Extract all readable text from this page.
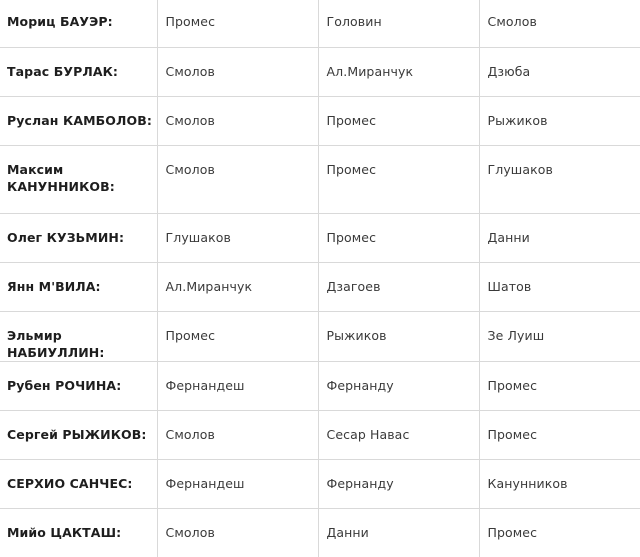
Мориц БАУЭР:	Промес	Головин	Смолов
Тарас БУРЛАК:	Смолов	Ал.Миранчук	Дзюба
Руслан КАМБОЛОВ:	Смолов	Промес	Рыжиков
Максим КАНУННИКОВ:	Смолов	Промес	Глушаков
Олег КУЗЬМИН:	Глушаков	Промес	Данни
Янн М'ВИЛА:	Ал.Миранчук	Дзагоев	Шатов
Эльмир НАБИУЛЛИН:	Промес	Рыжиков	Зе Луиш
Рубен РОЧИНА:	Фернандеш	Фернанду	Промес
Сергей РЫЖИКОВ:	Смолов	Сесар Навас	Промес
СЕРХИО САНЧЕС:	Фернандеш	Фернанду	Канунников
Мийо ЦАКТАШ:	Смолов	Данни	Промес
